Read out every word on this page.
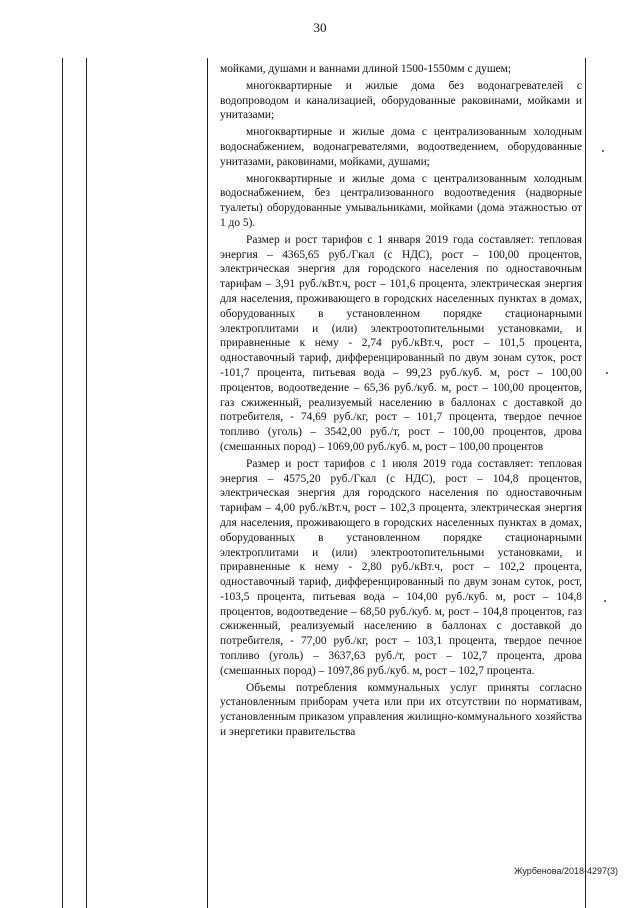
30

мойками, душами и ваннами длиной 1500-1550мм с душем;

многоквартирные и жилые дома без водонагревателей с водопроводом и канализацией, оборудованные раковинами, мойками и унитазами;

многоквартирные и жилые дома с централизованным холодным водоснабжением, водонагревателями, водоотведением, оборудованные унитазами, раковинами, мойками, душами;

многоквартирные и жилые дома с централизованным холодным водоснабжением, без централизованного водоотведения (надворные туалеты) оборудованные умывальниками, мойками (дома этажностью от 1 до 5).

Размер и рост тарифов с 1 января 2019 года составляет: тепловая энергия – 4365,65 руб./Гкал (с НДС), рост – 100,00 процентов, электрическая энергия для городского населения по одноставочным тарифам – 3,91 руб./кВт.ч, рост – 101,6 процента, электрическая энергия для населения, проживающего в городских населенных пунктах в домах, оборудованных в установленном порядке стационарными электроплитами и (или) электроотопительными установками, и приравненные к нему - 2,74 руб./кВт.ч, рост – 101,5 процента, одноставочный тариф, дифференцированный по двум зонам суток, рост -101,7 процента, питьевая вода – 99,23 руб./куб. м, рост – 100,00 процентов, водоотведение – 65,36 руб./куб. м, рост – 100,00 процентов, газ сжиженный, реализуемый населению в баллонах с доставкой до потребителя, - 74,69 руб./кг, рост – 101,7 процента, твердое печное топливо (уголь) – 3542,00 руб./т, рост – 100,00 процентов, дрова (смешанных пород) – 1069,00 руб./куб. м, рост – 100,00 процентов

Размер и рост тарифов с 1 июля 2019 года составляет: тепловая энергия – 4575,20 руб./Гкал (с НДС), рост – 104,8 процентов, электрическая энергия для городского населения по одноставочным тарифам – 4,00 руб./кВт.ч, рост – 102,3 процента, электрическая энергия для населения, проживающего в городских населенных пунктах в домах, оборудованных в установленном порядке стационарными электроплитами и (или) электроотопительными установками, и приравненные к нему - 2,80 руб./кВт.ч, рост – 102,2 процента, одноставочный тариф, дифференцированный по двум зонам суток, рост, -103,5 процента, питьевая вода – 104,00 руб./куб. м, рост – 104,8 процентов, водоотведение – 68,50 руб./куб. м, рост – 104,8 процентов, газ сжиженный, реализуемый населению в баллонах с доставкой до потребителя, - 77,00 руб./кг, рост – 103,1 процента, твердое печное топливо (уголь) – 3637,63 руб./т, рост – 102,7 процента, дрова (смешанных пород) – 1097,86 руб./куб. м, рост – 102,7 процента.

Объемы потребления коммунальных услуг приняты согласно установленным приборам учета или при их отсутствии по нормативам, установленным приказом управления жилищно-коммунального хозяйства и энергетики правительства

Журбенова/2018-4297(3)
